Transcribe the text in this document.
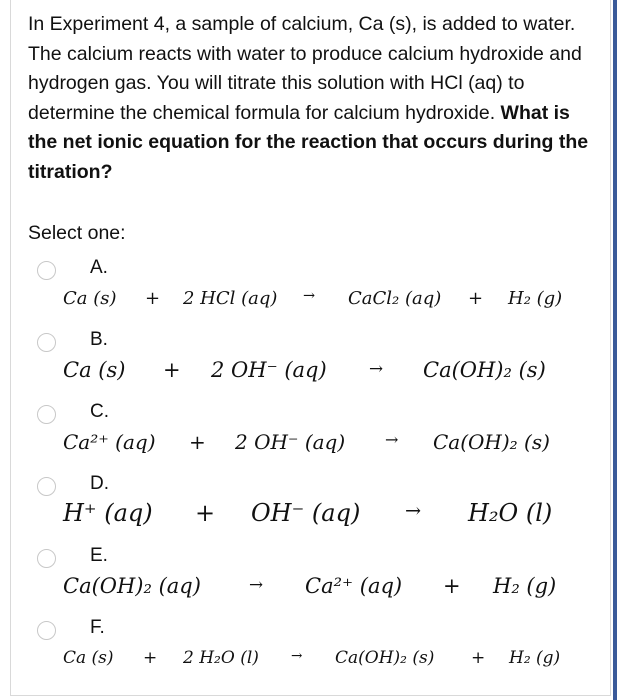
In Experiment 4, a sample of calcium, Ca (s), is added to water. The calcium reacts with water to produce calcium hydroxide and hydrogen gas. You will titrate this solution with HCl (aq) to determine the chemical formula for calcium hydroxide. What is the net ionic equation for the reaction that occurs during the titration?
Select one:
A.
Ca (s) + 2 HCl (aq) → CaCl₂ (aq) + H₂ (g)
B.
Ca (s) + 2 OH⁻ (aq)	→ Ca(OH)₂ (s)
C.
Ca²⁺ (aq) + 2 OH⁻ (aq) → Ca(OH)₂ (s)
D.
H⁺ (aq) + OH⁻ (aq) → H₂O (l)
E.
Ca(OH)₂ (aq)	→ Ca²⁺ (aq) + H₂ (g)
F.
Ca (s) + 2 H₂O (l) → Ca(OH)₂ (s) + H₂ (g)
